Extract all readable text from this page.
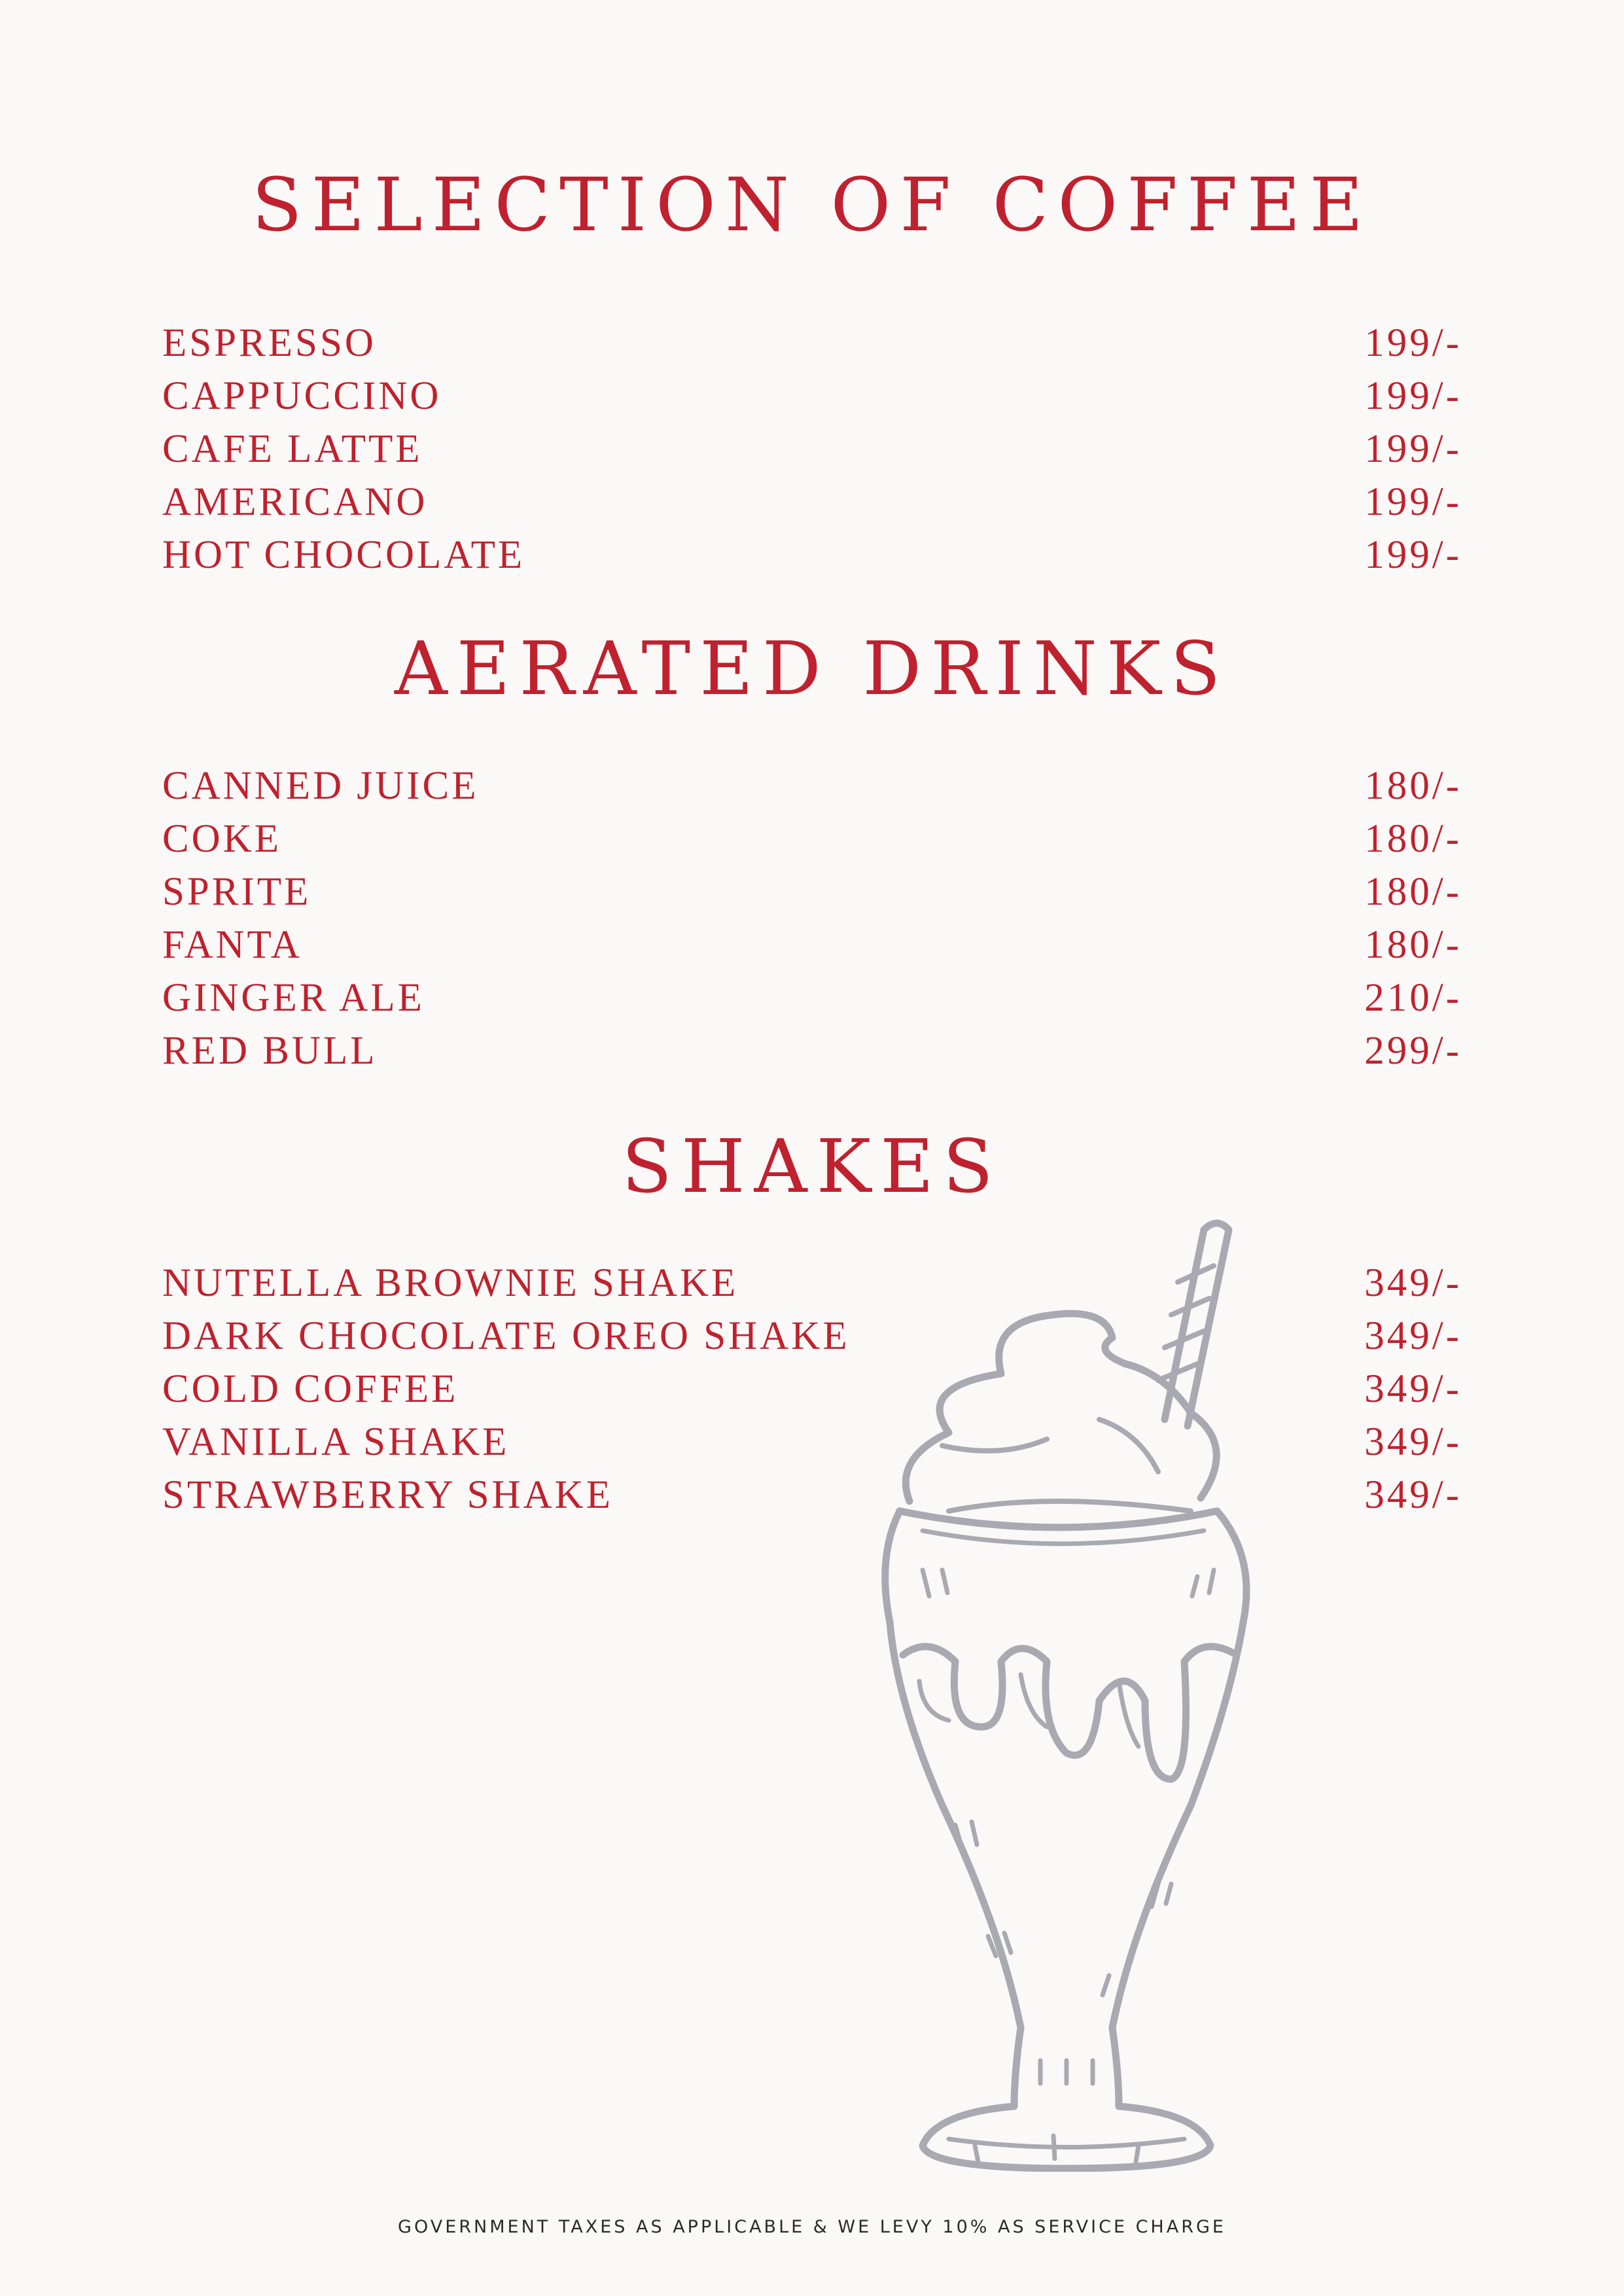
SELECTION OF COFFEE
ESPRESSO	199/-
CAPPUCCINO	199/-
CAFE LATTE	199/-
AMERICANO	199/-
HOT CHOCOLATE	199/-
AERATED DRINKS
CANNED JUICE	180/-
COKE	180/-
SPRITE	180/-
FANTA	180/-
GINGER ALE	210/-
RED BULL	299/-
SHAKES
NUTELLA BROWNIE SHAKE	349/-
DARK CHOCOLATE OREO SHAKE	349/-
COLD COFFEE	349/-
VANILLA SHAKE	349/-
STRAWBERRY SHAKE	349/-
GOVERNMENT TAXES AS APPLICABLE & WE LEVY 10% AS SERVICE CHARGE
